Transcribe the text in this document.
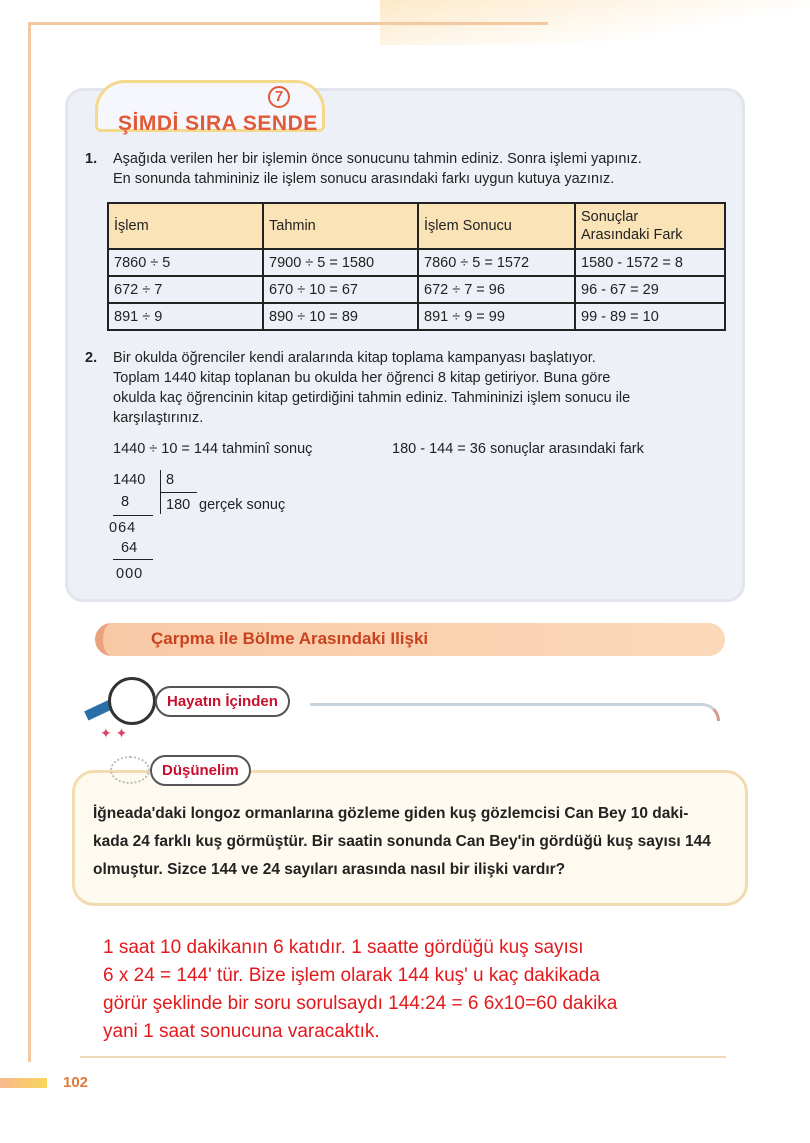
7
ŞİMDİ SIRA SENDE
1. Aşağıda verilen her bir işlemin önce sonucunu tahmin ediniz. Sonra işlemi yapınız.
En sonunda tahmininiz ile işlem sonucu arasındaki farkı uygun kutuya yazınız.
İşlem	Tahmin	İşlem Sonucu	Sonuçlar Arasındaki Fark

7860 ÷ 5	7900 ÷ 5 = 1580	7860 ÷ 5 = 1572	1580 - 1572 = 8
672 ÷ 7	670 ÷ 10 = 67	672 ÷ 7 = 96	96 - 67 = 29
891 ÷ 9	890 ÷ 10 = 89	891 ÷ 9 = 99	99 - 89 = 10
2. Bir okulda öğrenciler kendi aralarında kitap toplama kampanyası başlatıyor.
Toplam 1440 kitap toplanan bu okulda her öğrenci 8 kitap getiriyor. Buna göre
okulda kaç öğrencinin kitap getirdiğini tahmin ediniz. Tahmininizi işlem sonucu ile
karşılaştırınız.
1440 ÷ 10 = 144 tahminî sonuç	180 - 144 = 36 sonuçlar arasındaki fark
1440 8
180 gerçek sonuç
8
064
64
000
Çarpma ile Bölme Arasındaki Ilişki
Hayatın İçinden
✦ ✦
Düşünelim
İğneada'daki longoz ormanlarına gözleme giden kuş gözlemcisi Can Bey 10 daki-
kada 24 farklı kuş görmüştür. Bir saatin sonunda Can Bey'in gördüğü kuş sayısı 144
olmuştur. Sizce 144 ve 24 sayıları arasında nasıl bir ilişki vardır?
1 saat 10 dakikanın 6 katıdır. 1 saatte gördüğü kuş sayısı
6 x 24 = 144' tür. Bize işlem olarak 144 kuş' u kaç dakikada
görür şeklinde bir soru sorulsaydı 144:24 = 6 6x10=60 dakika
yani 1 saat sonucuna varacaktık.
102
